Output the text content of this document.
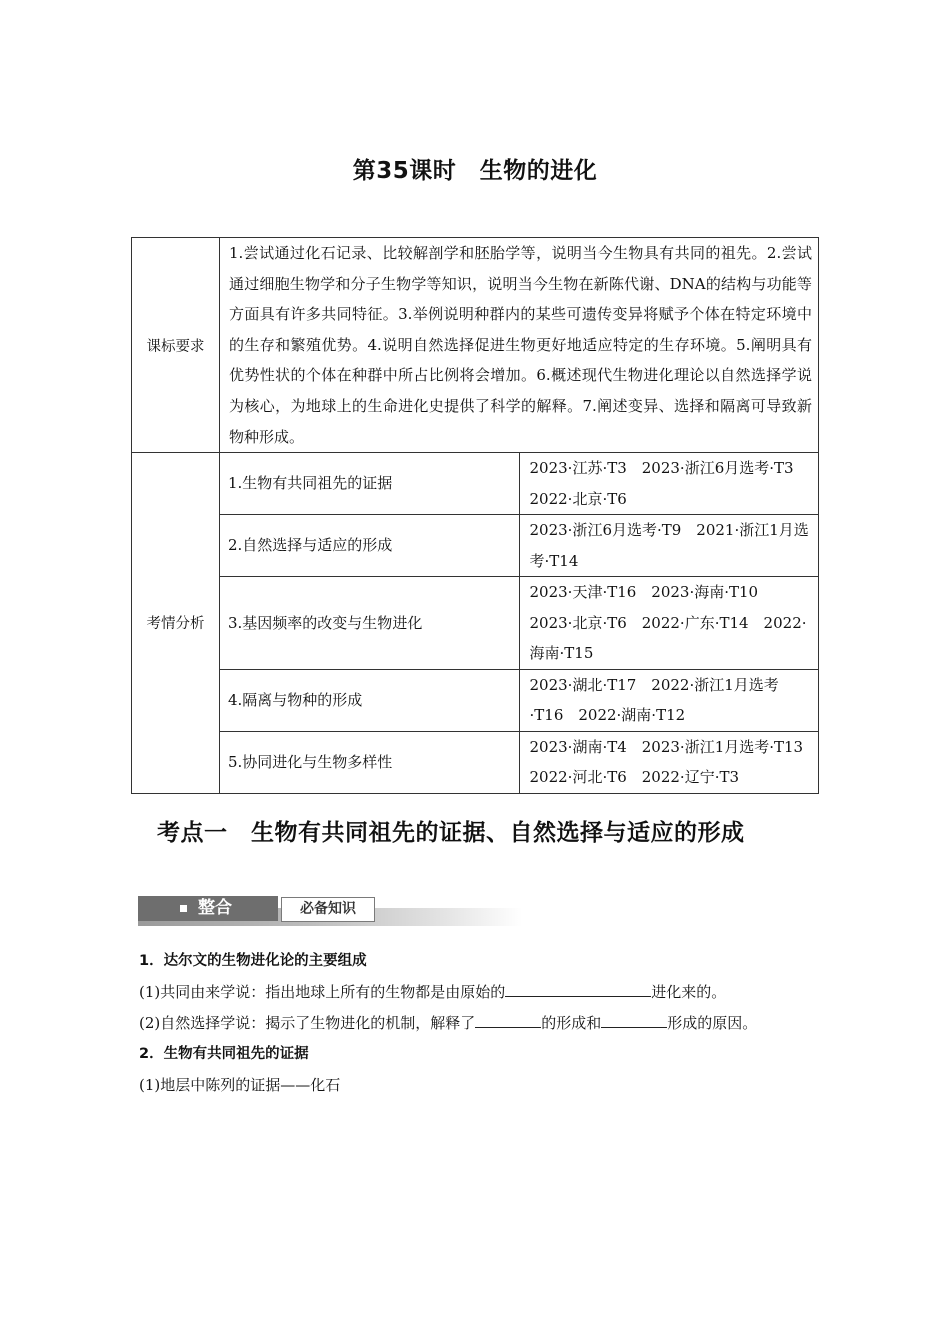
第35课时　生物的进化
课标要求	1.尝试通过化石记录、比较解剖学和胚胎学等，说明当今生物具有共同的祖先。2.尝试通过细胞生物学和分子生物学等知识，说明当今生物在新陈代谢、DNA的结构与功能等方面具有许多共同特征。3.举例说明种群内的某些可遗传变异将赋予个体在特定环境中的生存和繁殖优势。4.说明自然选择促进生物更好地适应特定的生存环境。5.阐明具有优势性状的个体在种群中所占比例将会增加。6.概述现代生物进化理论以自然选择学说为核心，为地球上的生命进化史提供了科学的解释。7.阐述变异、选择和隔离可导致新物种形成。	
考情分析	1.生物有共同祖先的证据	2023·江苏·T3　2023·浙江6月选考·T3　2022·北京·T6
	2.自然选择与适应的形成	2023·浙江6月选考·T9　2021·浙江1月选考·T14
	3.基因频率的改变与生物进化	2023·天津·T16　2023·海南·T10　2023·北京·T6　2022·广东·T14　2022·海南·T15
	4.隔离与物种的形成	2023·湖北·T17　2022·浙江1月选考·T16　2022·湖南·T12
	5.协同进化与生物多样性	2023·湖南·T4　2023·浙江1月选考·T13　2022·河北·T6　2022·辽宁·T3
考点一　生物有共同祖先的证据、自然选择与适应的形成
整合	必备知识
1．达尔文的生物进化论的主要组成
(1)共同由来学说：指出地球上所有的生物都是由原始的	进化来的。
(2)自然选择学说：揭示了生物进化的机制，解释了	的形成和	形成的原因。
2．生物有共同祖先的证据
(1)地层中陈列的证据——化石
